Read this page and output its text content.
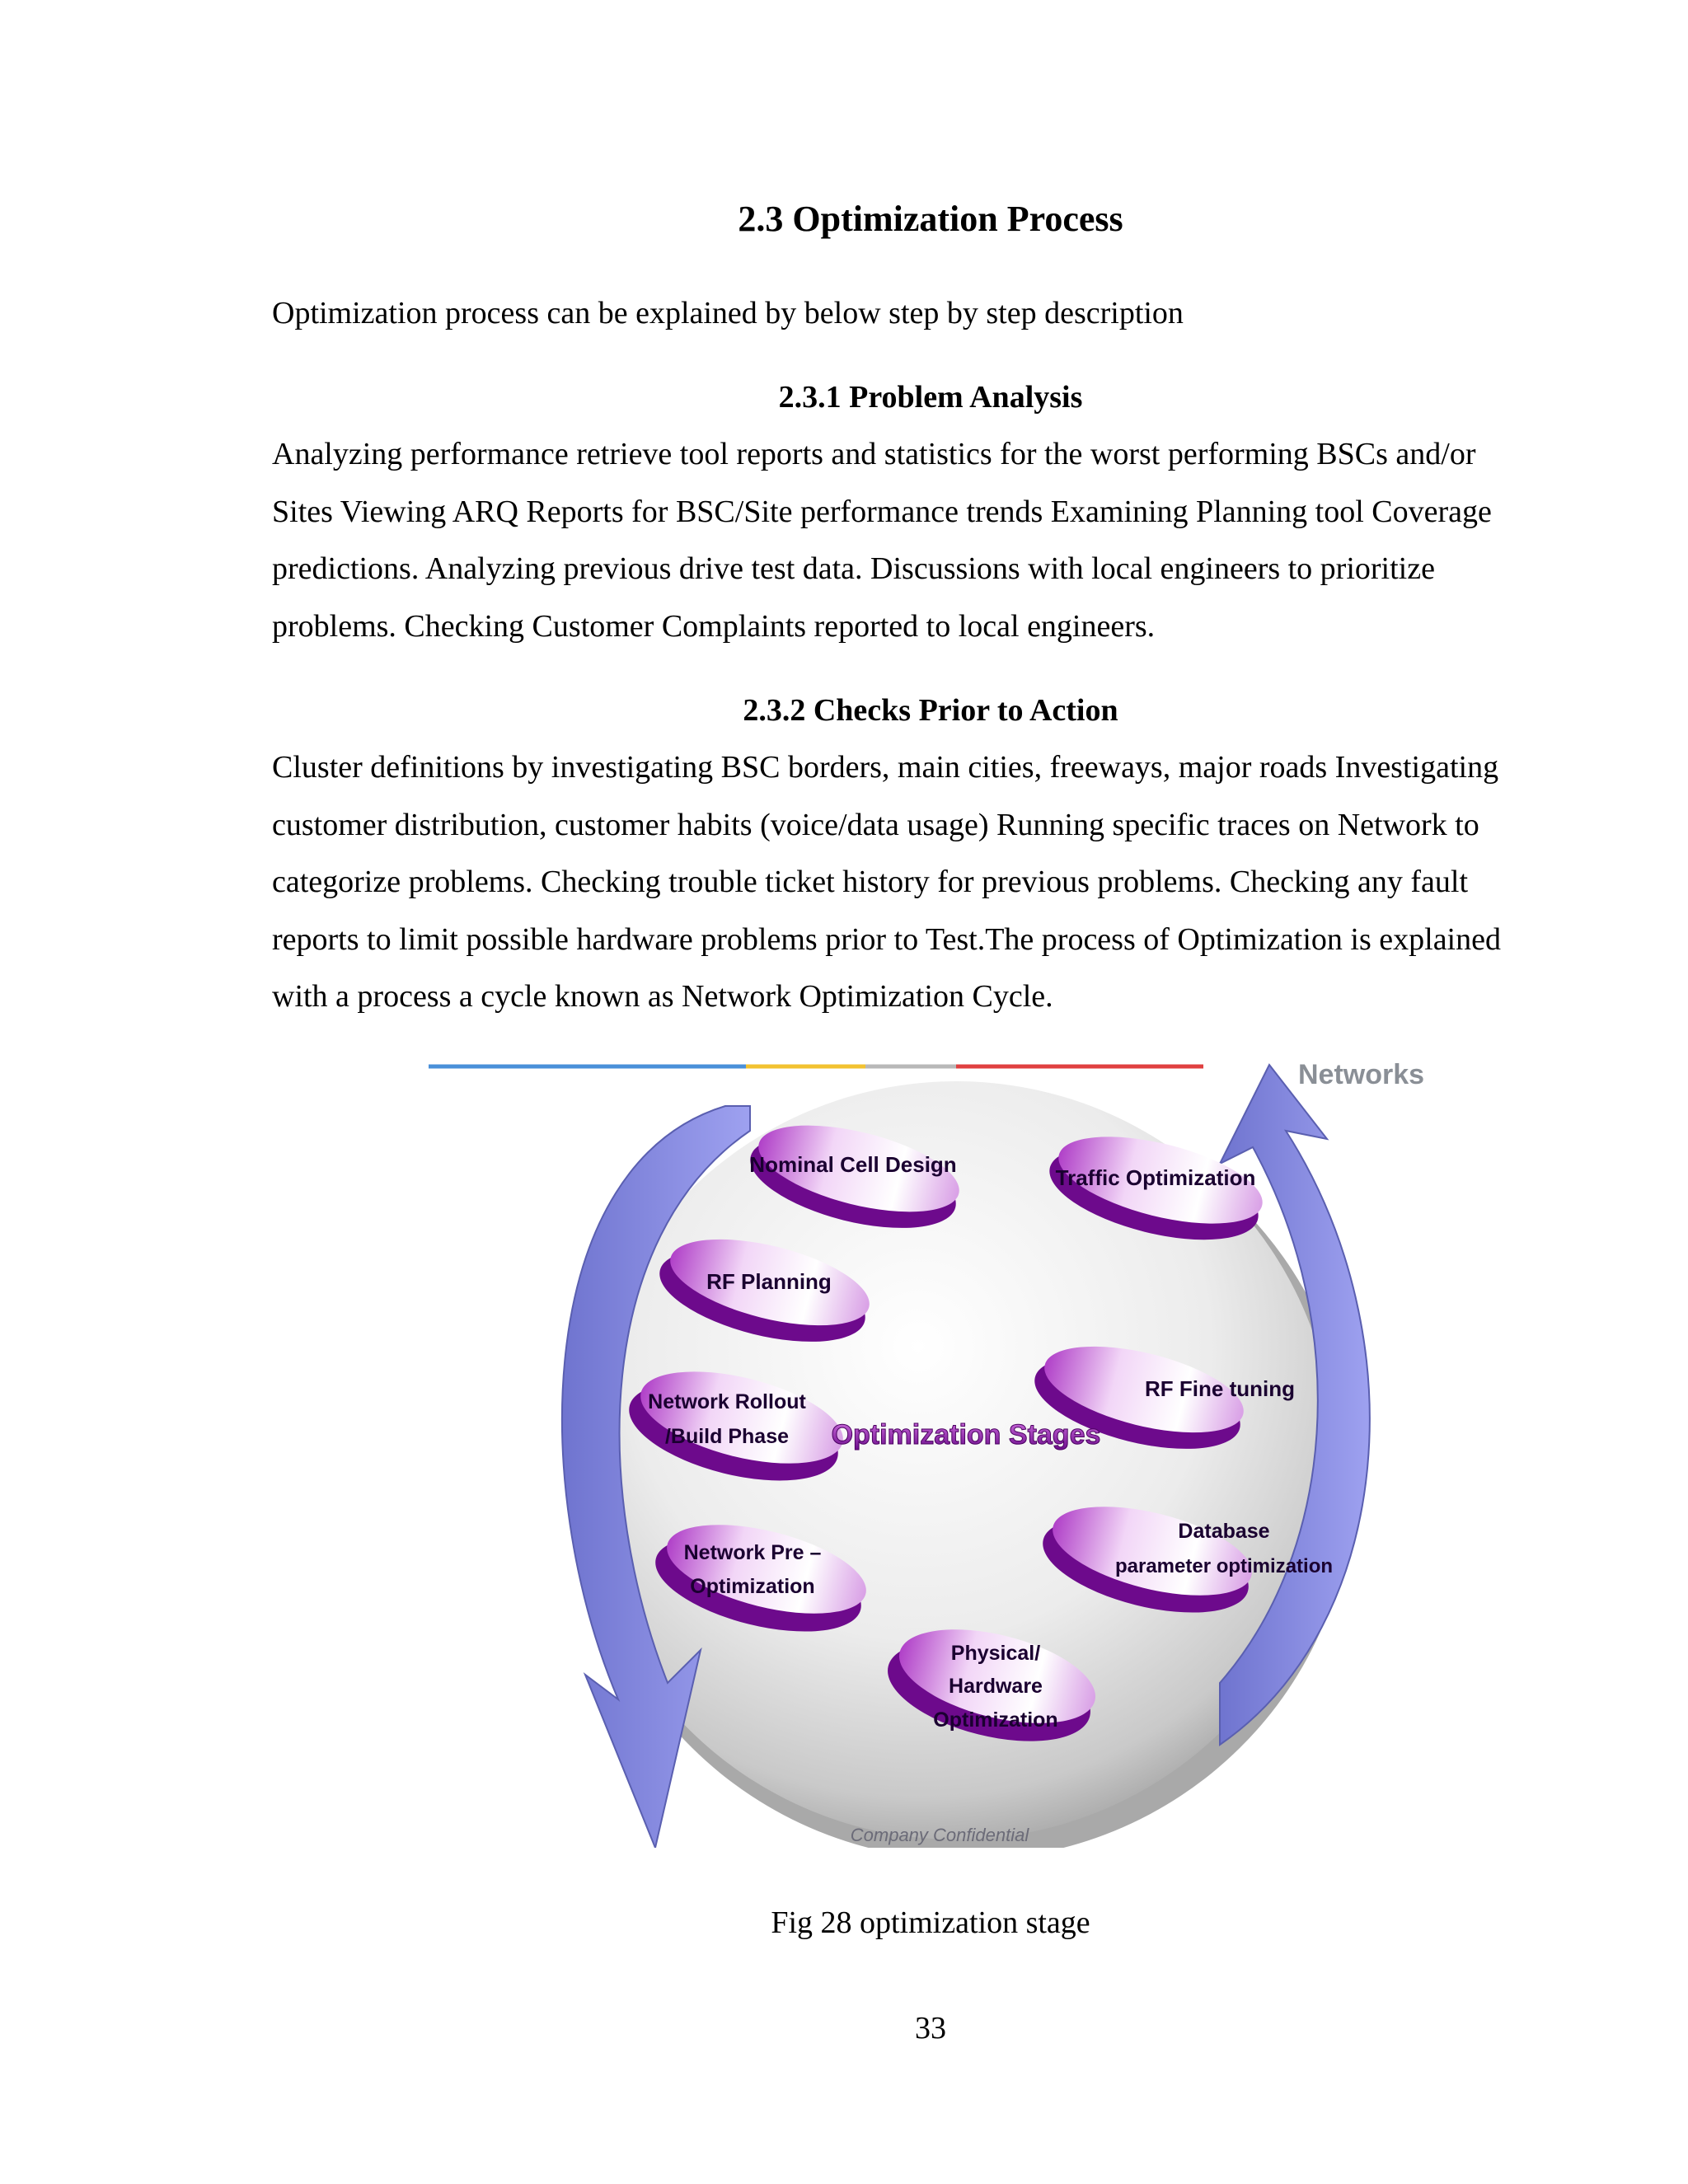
2.3 Optimization Process

Optimization process can be explained by below step by step description

2.3.1 Problem Analysis

Analyzing performance retrieve tool reports and statistics for the worst performing BSCs and/or
Sites Viewing ARQ Reports for BSC/Site performance trends Examining Planning tool Coverage
predictions. Analyzing previous drive test data. Discussions with local engineers to prioritize
problems. Checking Customer Complaints reported to local engineers.

2.3.2 Checks Prior to Action

Cluster definitions by investigating BSC borders, main cities, freeways, major roads Investigating
customer distribution, customer habits (voice/data usage) Running specific traces on Network to
categorize problems. Checking trouble ticket history for previous problems. Checking any fault
reports to limit possible hardware problems prior to Test.The process of Optimization is explained
with a process a cycle known as Network Optimization Cycle.

Networks
Nominal Cell Design
Traffic Optimization
RF Planning
RF Fine tuning
Network Rollout
/Build Phase
Network Pre –
Optimization
Database
parameter optimization
Physical/
Hardware
Optimization
Optimization Stages
Company Confidential

Fig 28 optimization stage

33
